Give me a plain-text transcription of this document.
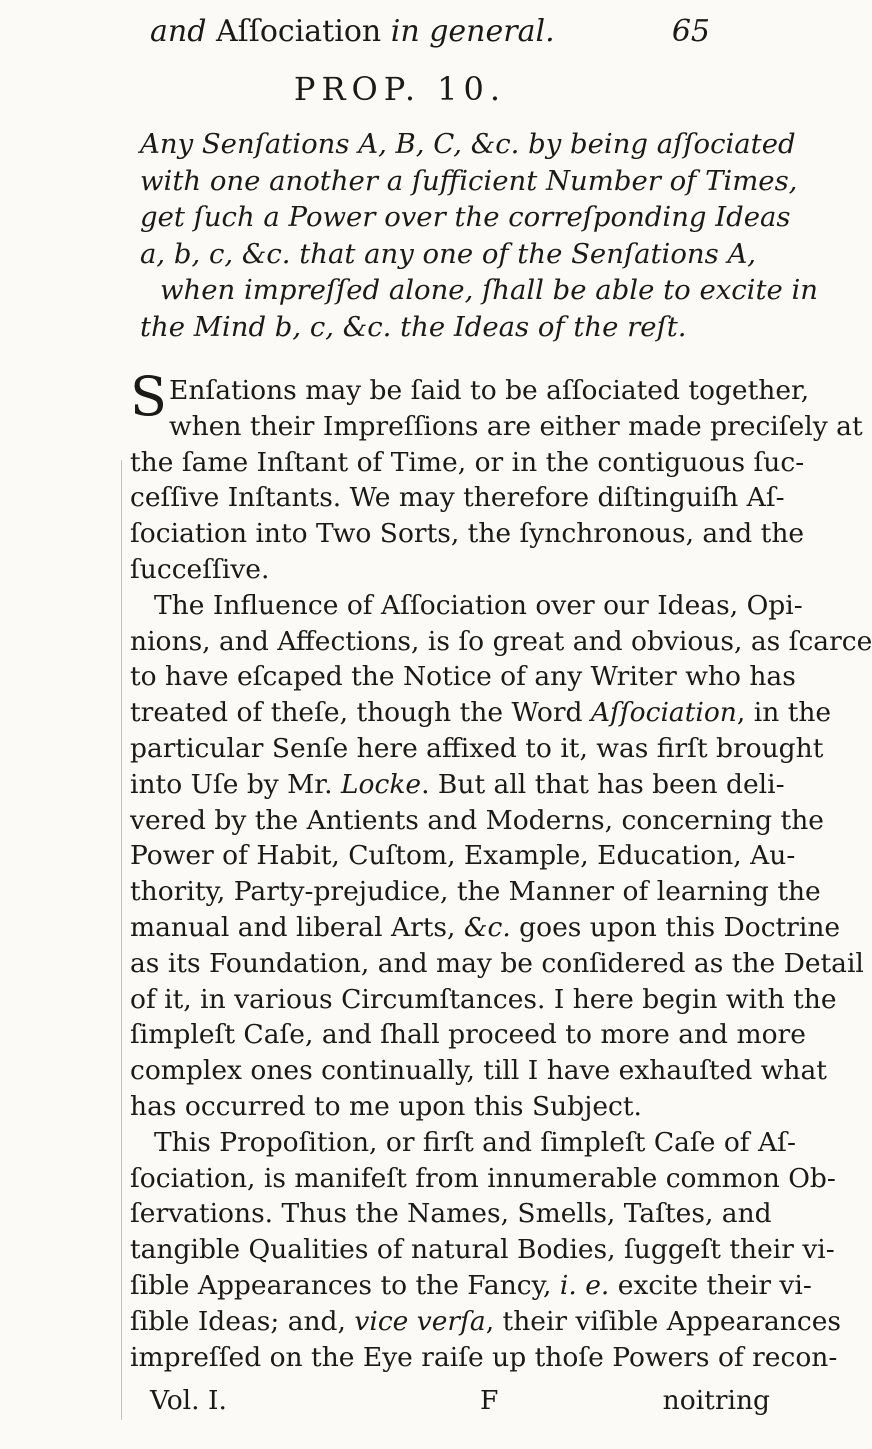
and Aſſociation in general.	65
PROP. 10.
Any Senſations A, B, C, &c. by being aſſociated
with one another a ſufficient Number of Times,
get ſuch a Power over the correſponding Ideas
a, b, c, &c. that any one of the Senſations A,
when impreſſed alone, ſhall be able to excite in
the Mind b, c, &c. the Ideas of the reſt.
S Enſations may be ſaid to be aſſociated together,
when their Impreſſions are either made preciſely at
the ſame Inſtant of Time, or in the contiguous ſuc-
ceſſive Inſtants. We may therefore diſtinguiſh Aſ-
ſociation into Two Sorts, the ſynchronous, and the
ſucceſſive.
The Influence of Aſſociation over our Ideas, Opi-
nions, and Affections, is ſo great and obvious, as ſcarce
to have eſcaped the Notice of any Writer who has
treated of theſe, though the Word Aſſociation, in the
particular Senſe here affixed to it, was firſt brought
into Uſe by Mr. Locke. But all that has been deli-
vered by the Antients and Moderns, concerning the
Power of Habit, Cuſtom, Example, Education, Au-
thority, Party-prejudice, the Manner of learning the
manual and liberal Arts, &c. goes upon this Doctrine
as its Foundation, and may be conſidered as the Detail
of it, in various Circumſtances. I here begin with the
ſimpleſt Caſe, and ſhall proceed to more and more
complex ones continually, till I have exhauſted what
has occurred to me upon this Subject.
This Propoſition, or firſt and ſimpleſt Caſe of Aſ-
ſociation, is manifeſt from innumerable common Ob-
ſervations. Thus the Names, Smells, Taſtes, and
tangible Qualities of natural Bodies, ſuggeſt their vi-
ſible Appearances to the Fancy, i. e. excite their vi-
ſible Ideas; and, vice verſa, their viſible Appearances
impreſſed on the Eye raiſe up thoſe Powers of recon-
Vol. I.	F	noitring
